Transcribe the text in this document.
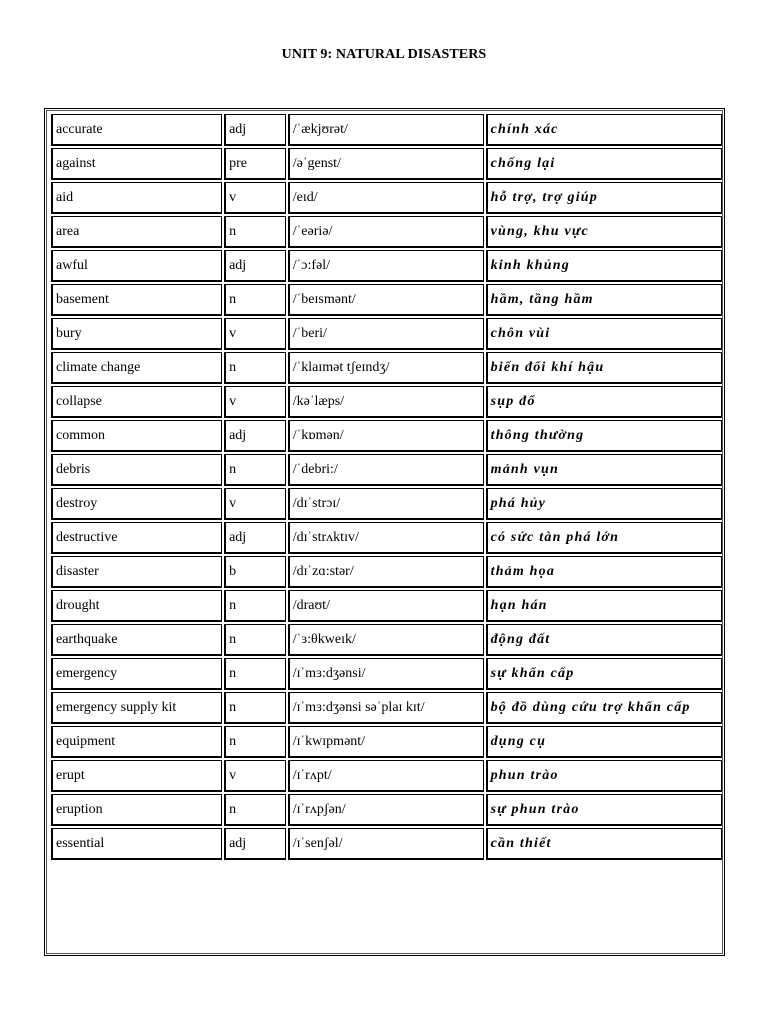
UNIT 9: NATURAL DISASTERS
accurate	adj	/ˈækjʊrət/	chính xác

against	pre	/əˈgenst/	chống lại

aid	v	/eɪd/	hỗ trợ, trợ giúp

area	n	/ˈeəriə/	vùng, khu vực

awful	adj	/ˈɔ:fəl/	kinh khủng

basement	n	/ˈbeɪsmənt/	hầm, tầng hầm

bury	v	/ˈberi/	chôn vùi

climate change	n	/ˈklaɪmət tʃeɪndʒ/	biến đổi khí hậu

collapse	v	/kəˈlæps/	sụp đổ

common	adj	/ˈkɒmən/	thông thường

debris	n	/ˈdebri:/	mảnh vụn

destroy	v	/dɪˈstrɔɪ/	phá hủy

destructive	adj	/dɪˈstrʌktɪv/	có sức tàn phá lớn

disaster	b	/dɪˈzɑ:stər/	thảm họa

drought	n	/draʊt/	hạn hán

earthquake	n	/ˈɜ:θkweɪk/	động đất

emergency	n	/ɪˈmɜ:dʒənsi/	sự khẩn cấp

emergency supply kit	n	/ɪˈmɜ:dʒənsi səˈplaɪ kɪt/	bộ đồ dùng cứu trợ khẩn cấp

equipment	n	/ɪˈkwɪpmənt/	dụng cụ

erupt	v	/ɪˈrʌpt/	phun trào

eruption	n	/ɪˈrʌpʃən/	sự phun trào

essential	adj	/ɪˈsenʃəl/	cần thiết
